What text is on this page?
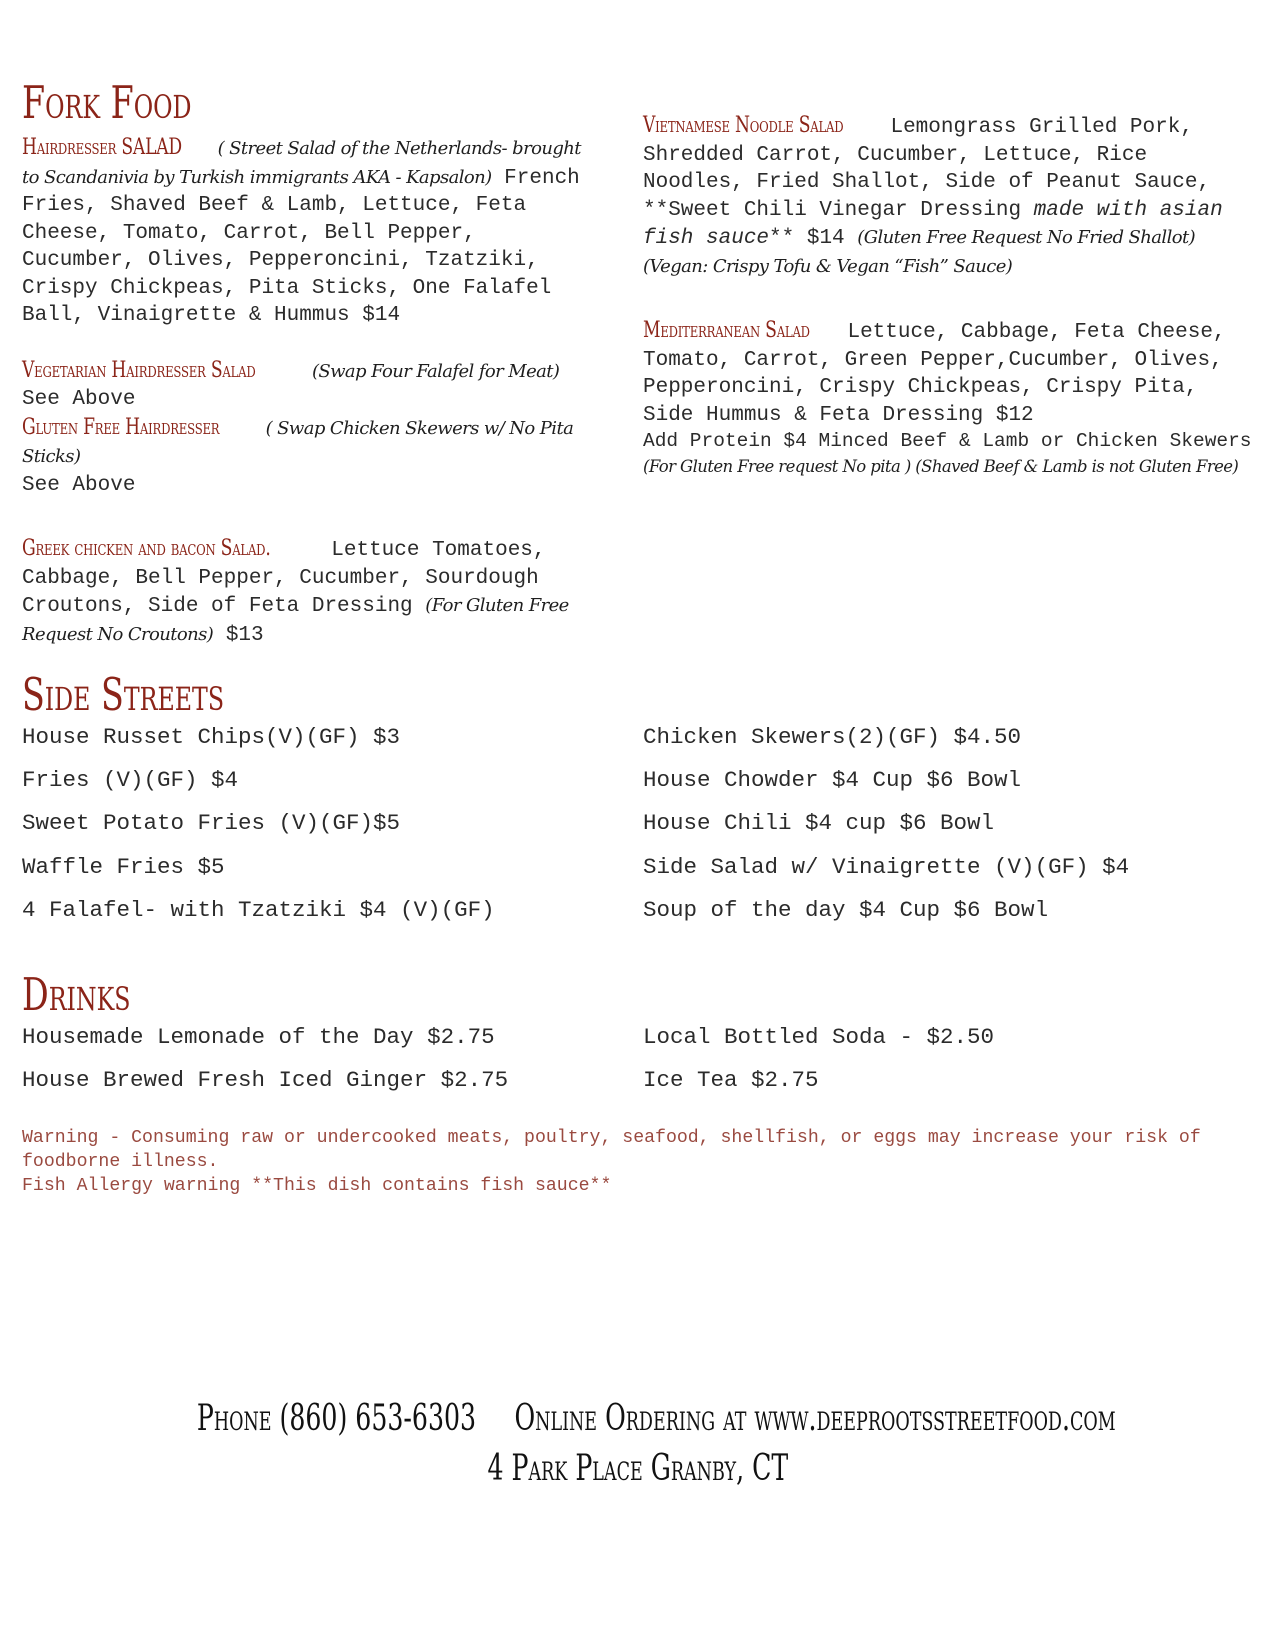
Fork Food
Hairdresser SALAD ( Street Salad of the Netherlands- brought to Scandanivia by Turkish immigrants AKA - Kapsalon) French Fries, Shaved Beef & Lamb, Lettuce, Feta Cheese, Tomato, Carrot, Bell Pepper, Cucumber, Olives, Pepperoncini, Tzatziki, Crispy Chickpeas, Pita Sticks, One Falafel Ball, Vinaigrette & Hummus $14
Vegetarian Hairdresser Salad	(Swap Four Falafel for Meat) See Above
Gluten Free Hairdresser	( Swap Chicken Skewers w/ No Pita Sticks)
See Above
Greek chicken and bacon Salad.	Lettuce Tomatoes, Cabbage, Bell Pepper, Cucumber, Sourdough Croutons, Side of Feta Dressing (For Gluten Free Request No Croutons) $13
Vietnamese Noodle Salad Lemongrass Grilled Pork, Shredded Carrot, Cucumber, Lettuce, Rice Noodles, Fried Shallot, Side of Peanut Sauce, **Sweet Chili Vinegar Dressing made with asian fish sauce** $14 (Gluten Free Request No Fried Shallot) (Vegan: Crispy Tofu & Vegan “Fish” Sauce)
Mediterranean Salad Lettuce, Cabbage, Feta Cheese, Tomato, Carrot, Green Pepper,Cucumber, Olives, Pepperoncini, Crispy Chickpeas, Crispy Pita, Side Hummus & Feta Dressing $12
Add Protein $4 Minced Beef & Lamb or Chicken Skewers (For Gluten Free request No pita ) (Shaved Beef & Lamb is not Gluten Free)
Side Streets
House Russet Chips(V)(GF) $3
Fries (V)(GF) $4
Sweet Potato Fries (V)(GF)$5
Waffle Fries $5
4 Falafel- with Tzatziki $4 (V)(GF)
Chicken Skewers(2)(GF) $4.50
House Chowder $4 Cup $6 Bowl
House Chili $4 cup $6 Bowl
Side Salad w/ Vinaigrette (V)(GF) $4
Soup of the day $4 Cup $6 Bowl
Drinks
Housemade Lemonade of the Day $2.75
House Brewed Fresh Iced Ginger $2.75
Local Bottled Soda - $2.50
Ice Tea $2.75
Warning - Consuming raw or undercooked meats, poultry, seafood, shellfish, or eggs may increase your risk of foodborne illness.
Fish Allergy warning **This dish contains fish sauce**
Phone (860) 653-6303 Online Ordering at www.deeprootsstreetfood.com
4 Park Place Granby, CT
